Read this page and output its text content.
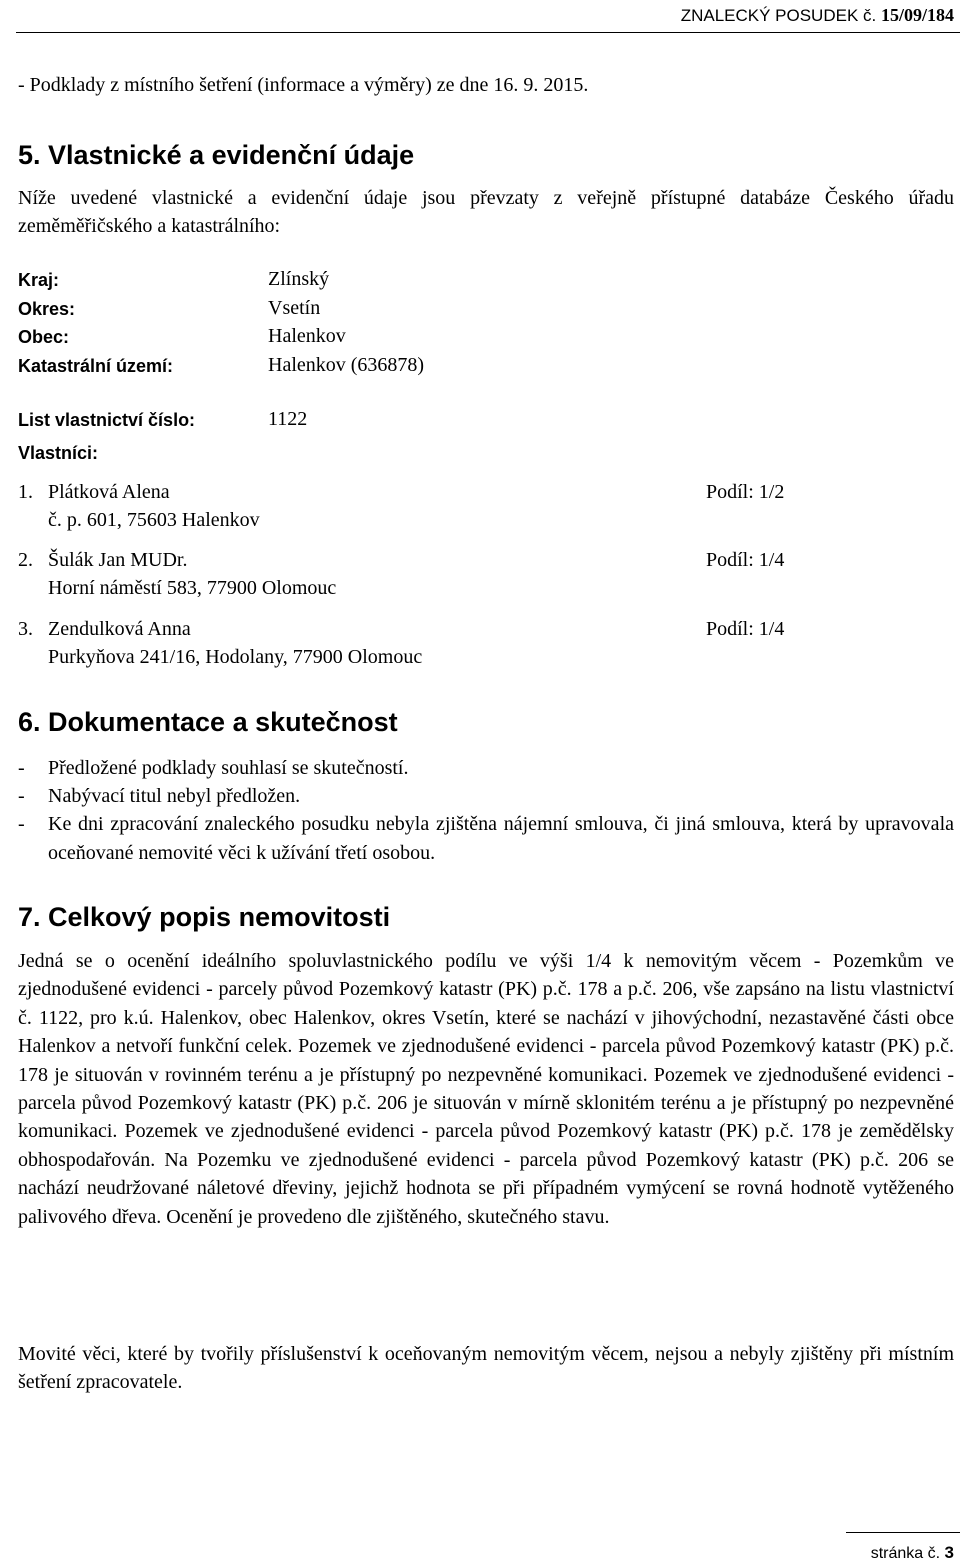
ZNALECKÝ POSUDEK č. 15/09/184
- Podklady z místního šetření (informace a výměry) ze dne 16. 9. 2015.
5. Vlastnické a evidenční údaje
Níže uvedené vlastnické a evidenční údaje jsou převzaty z veřejně přístupné databáze Českého úřadu zeměměřičského a katastrálního:
Kraj:	Zlínský
Okres:	Vsetín
Obec:	Halenkov
Katastrální území:	Halenkov (636878)
List vlastnictví číslo:	1122
Vlastníci:
1. Plátková Alena	Podíl: 1/2
č. p. 601, 75603 Halenkov
2. Šulák Jan MUDr.	Podíl: 1/4
Horní náměstí 583, 77900 Olomouc
3. Zendulková Anna	Podíl: 1/4
Purkyňova 241/16, Hodolany, 77900 Olomouc
6. Dokumentace a skutečnost
- Předložené podklady souhlasí se skutečností.
- Nabývací titul nebyl předložen.
- Ke dni zpracování znaleckého posudku nebyla zjištěna nájemní smlouva, či jiná smlouva, která by upravovala oceňované nemovité věci k užívání třetí osobou.
7. Celkový popis nemovitosti
Jedná se o ocenění ideálního spoluvlastnického podílu ve výši 1/4 k nemovitým věcem - Pozemkům ve zjednodušené evidenci - parcely původ Pozemkový katastr (PK) p.č. 178 a p.č. 206, vše zapsáno na listu vlastnictví č. 1122, pro k.ú. Halenkov, obec Halenkov, okres Vsetín, které se nachází v jihovýchodní, nezastavěné části obce Halenkov a netvoří funkční celek. Pozemek ve zjednodušené evidenci - parcela původ Pozemkový katastr (PK) p.č. 178 je situován v rovinném terénu a je přístupný po nezpevněné komunikaci. Pozemek ve zjednodušené evidenci - parcela původ Pozemkový katastr (PK) p.č. 206 je situován v mírně sklonitém terénu a je přístupný po nezpevněné komunikaci. Pozemek ve zjednodušené evidenci - parcela původ Pozemkový katastr (PK) p.č. 178 je zemědělsky obhospodařován. Na Pozemku ve zjednodušené evidenci - parcela původ Pozemkový katastr (PK) p.č. 206 se nachází neudržované náletové dřeviny, jejichž hodnota se při případném vymýcení se rovná hodnotě vytěženého palivového dřeva. Ocenění je provedeno dle zjištěného, skutečného stavu.
Movité věci, které by tvořily příslušenství k oceňovaným nemovitým věcem, nejsou a nebyly zjištěny při místním šetření zpracovatele.
stránka č. 3
